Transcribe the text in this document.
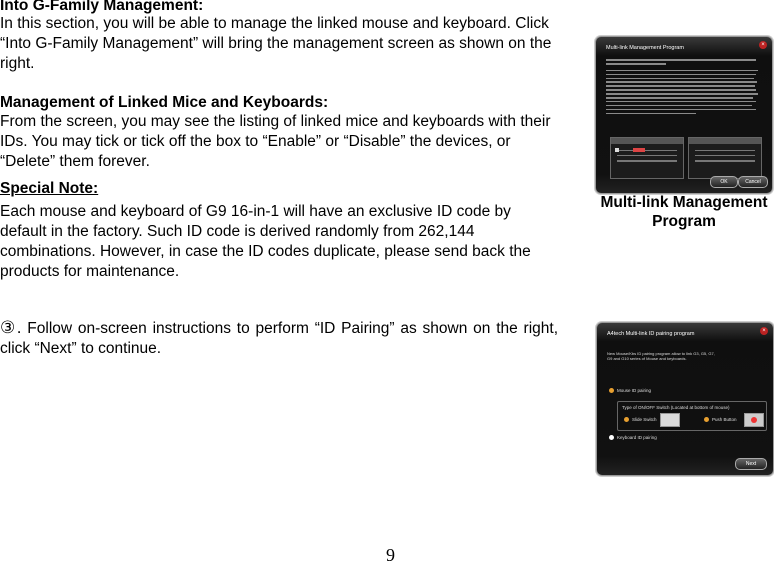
Into G-Family Management:

In this section, you will be able to manage the linked mouse and keyboard. Click “Into G-Family Management” will bring the management screen as shown on the right.

Management of Linked Mice and Keyboards:

From the screen, you may see the listing of linked mice and keyboards with their IDs. You may tick or tick off the box to “Enable” or “Disable” the devices, or “Delete” them forever.

Special Note:

Each mouse and keyboard of G9 16-in-1 will have an exclusive ID code by default in the factory. Such ID code is derived randomly from 262,144 combinations. However, in case the ID codes duplicate, please send back the products for maintenance.

③. Follow on-screen instructions to perform “ID Pairing” as shown on the right, click “Next” to continue.

Multi-link Management Program	×
OK	Cancel
Multi-link Management Program
A4tech Multi-link ID pairing program	×
New Mouse/Kbs ID pairing program allow to link G3, G5, G7, G9 and G10 series of Mouse and keyboards.
Mouse ID pairing
Type of ON/OFF Switch (Located at bottom of mouse)
Slide Switch	Push Button
Keyboard ID pairing
Next
9
